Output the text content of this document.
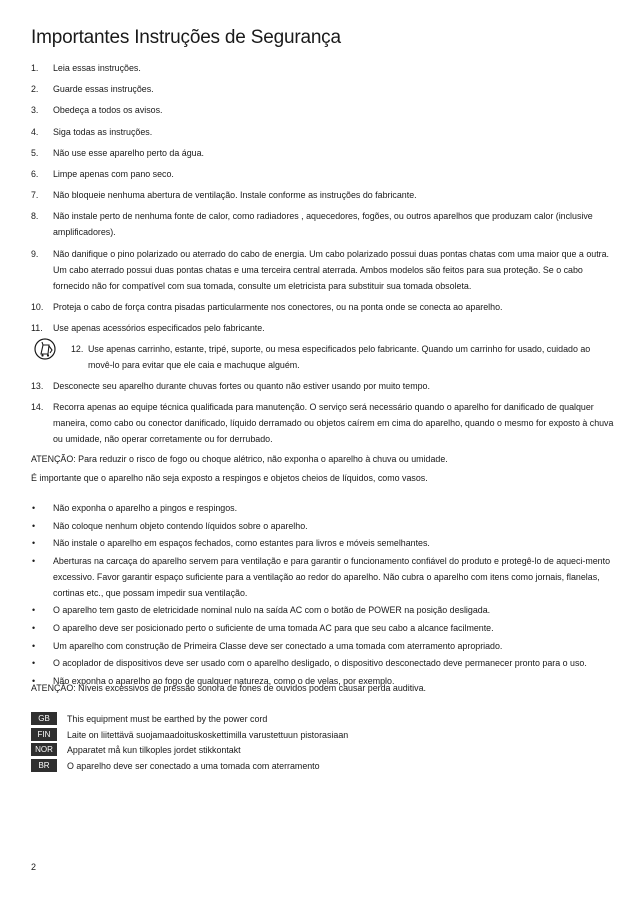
Importantes Instruções de Segurança
1. Leia essas instruções.
2. Guarde essas instruções.
3. Obedeça a todos os avisos.
4. Siga todas as instruções.
5. Não use esse aparelho perto da água.
6. Limpe apenas com pano seco.
7. Não bloqueie nenhuma abertura de ventilação. Instale conforme as instruções do fabricante.
8. Não instale perto de nenhuma fonte de calor, como radiadores , aquecedores, fogões, ou outros aparelhos que produzam calor (inclusive amplificadores).
9. Não danifique o pino polarizado ou aterrado do cabo de energia. Um cabo polarizado possui duas pontas chatas com uma maior que a outra. Um cabo aterrado possui duas pontas chatas e uma terceira central aterrada. Ambos modelos são feitos para sua proteção. Se o cabo fornecido não for compatível com sua tomada, consulte um eletricista para substituir sua tomada obsoleta.
10. Proteja o cabo de força contra pisadas particularmente nos conectores, ou na ponta onde se conecta ao aparelho.
11. Use apenas acessórios especificados pelo fabricante.
12. Use apenas carrinho, estante, tripé, suporte, ou mesa especificados pelo fabricante. Quando um carrinho for usado, cuidado ao movê-lo para evitar que ele caia e machuque alguém.
13. Desconecte seu aparelho durante chuvas fortes ou quanto não estiver usando por muito tempo.
14. Recorra apenas ao equipe técnica qualificada para manutenção. O serviço será necessário quando o aparelho for danificado de qualquer maneira, como cabo ou conector danificado, líquido derramado ou objetos caírem em cima do aparelho, quando o mesmo for exposto à chuva ou umidade, não operar corretamente ou for derrubado.

ATENÇÃO: Para reduzir o risco de fogo ou choque alétrico, não exponha o aparelho à chuva ou umidade.

É importante que o aparelho não seja exposto a respingos e objetos cheios de líquidos, como vasos.

• Não exponha o aparelho a pingos e respingos.
• Não coloque nenhum objeto contendo líquidos sobre o aparelho.
• Não instale o aparelho em espaços fechados, como estantes para livros e móveis semelhantes.
• Aberturas na carcaça do aparelho servem para ventilação e para garantir o funcionamento confiável do produto e protegê-lo de aqueci-mento excessivo. Favor garantir espaço suficiente para a ventilação ao redor do aparelho. Não cubra o aparelho com itens como jornais, flanelas, cortinas etc., que possam impedir sua ventilação.
• O aparelho tem gasto de eletricidade nominal nulo na saída AC com o botão de POWER na posição desligada.
• O aparelho deve ser posicionado perto o suficiente de uma tomada AC para que seu cabo a alcance facilmente.
• Um aparelho com construção de Primeira Classe deve ser conectado a uma tomada com aterramento apropriado.
• O acoplador de dispositivos deve ser usado com o aparelho desligado, o dispositivo desconectado deve permanecer pronto para o uso.
• Não exponha o aparelho ao fogo de qualquer natureza, como o de velas, por exemplo.

ATENÇÃO: Níveis excessivos de pressão sonora de fones de ouvidos podem causar perda auditiva.

GB	This equipment must be earthed by the power cord
FIN	Laite on liitettävä suojamaadoituskoskettimilla varustettuun pistorasiaan
NOR	Apparatet må kun tilkoples jordet stikkontakt
BR	O aparelho deve ser conectado a uma tomada com aterramento
2
